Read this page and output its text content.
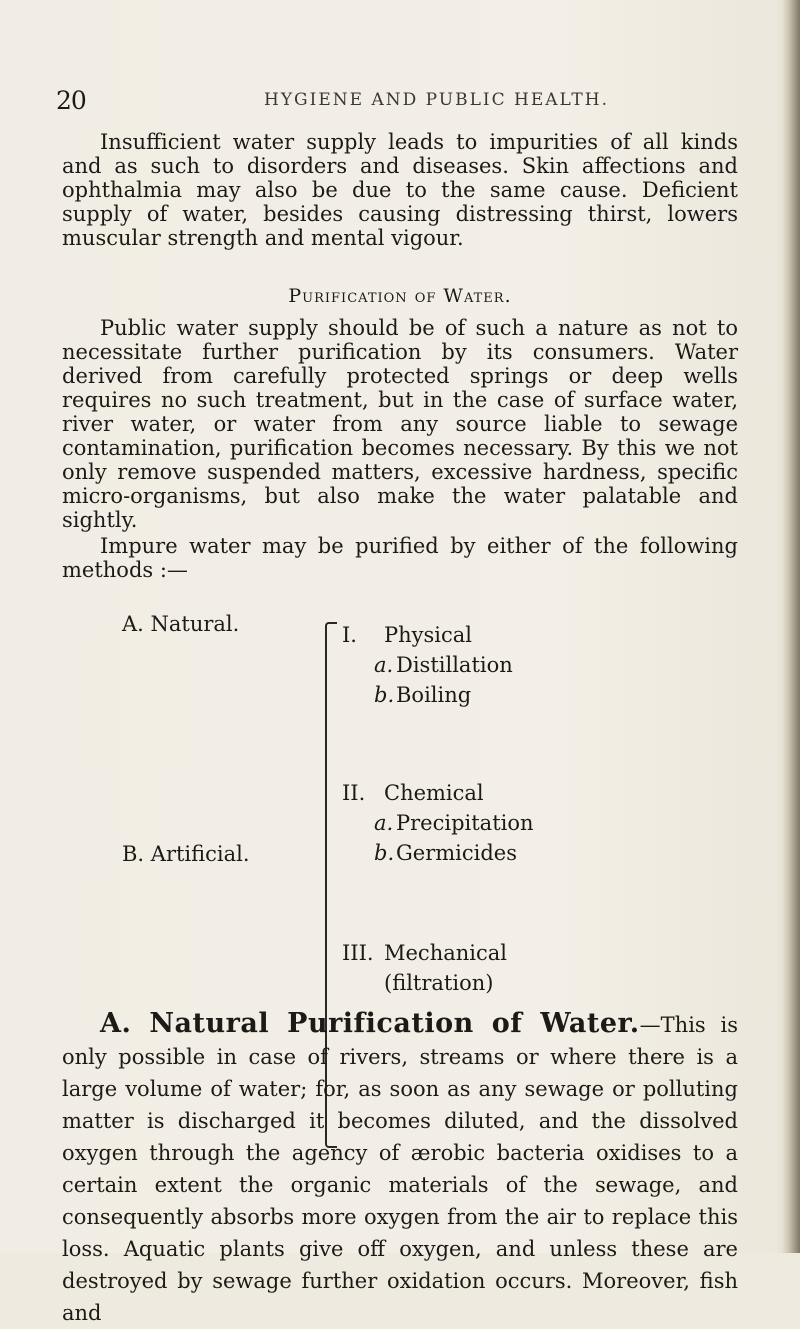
20	HYGIENE AND PUBLIC HEALTH.

Insufficient water supply leads to impurities of all kinds and as such to disorders and diseases. Skin affections and ophthalmia may also be due to the same cause. Deficient supply of water, besides causing distressing thirst, lowers muscular strength and mental vigour.

Purification of Water.

Public water supply should be of such a nature as not to necessitate further purification by its consumers. Water derived from carefully protected springs or deep wells requires no such treatment, but in the case of surface water, river water, or water from any source liable to sewage contamination, purification becomes necessary. By this we not only remove suspended matters, excessive hardness, specific micro-organisms, but also make the water palatable and sightly.

Impure water may be purified by either of the following methods :—

A. Natural.
B. Artificial.
I. Physical
a. Distillation
b.Boiling
II. Chemical
a. Precipitation
b.Germicides
III. Mechanical
(filtration)

A. Natural Purification of Water.—This is only possible in case of rivers, streams or where there is a large volume of water; for, as soon as any sewage or polluting matter is discharged it becomes diluted, and the dissolved oxygen through the agency of ærobic bacteria oxidises to a certain extent the organic materials of the sewage, and consequently absorbs more oxygen from the air to replace this loss. Aquatic plants give off oxygen, and unless these are destroyed by sewage further oxidation occurs. Moreover, fish and
